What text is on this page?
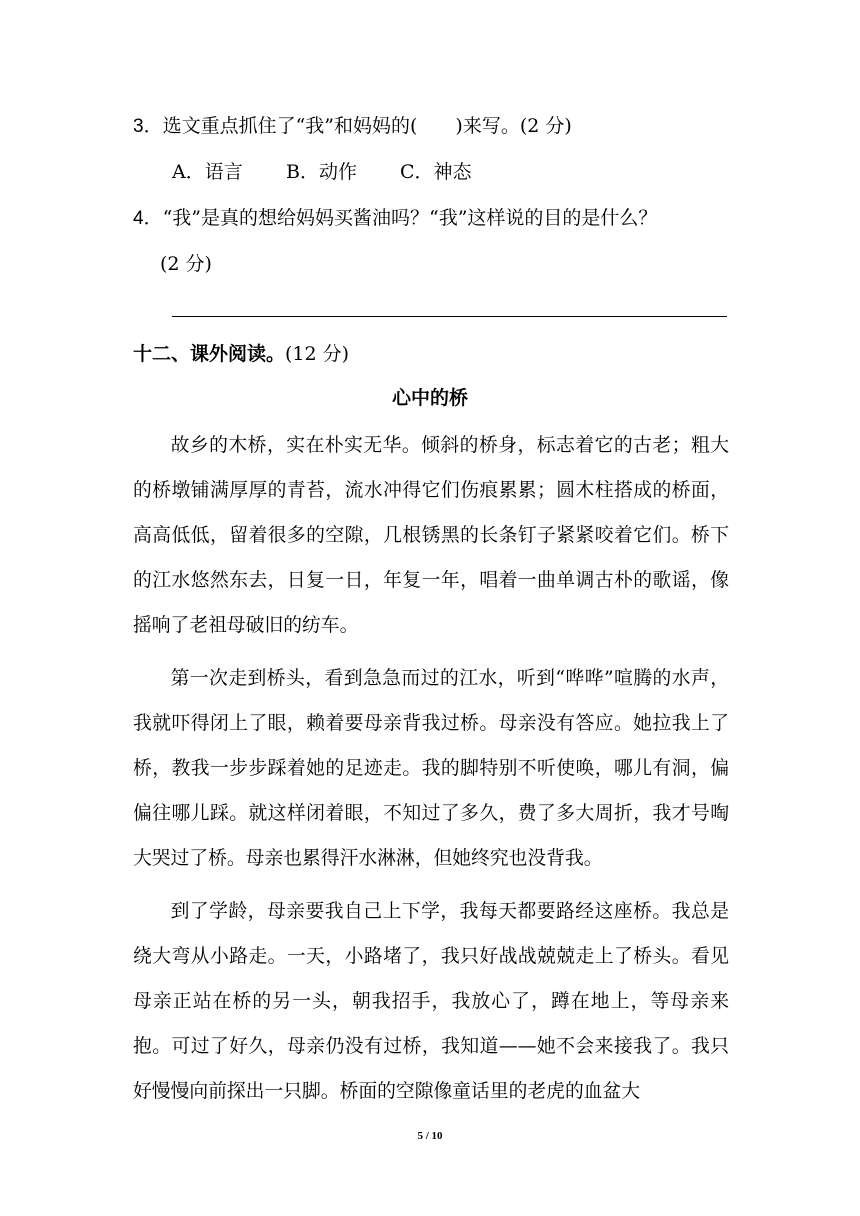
3．选文重点抓住了“我”和妈妈的(　　)来写。(2 分)
A．语言 B．动作 C．神态
4．“我”是真的想给妈妈买酱油吗？“我”这样说的目的是什么？
(2 分)
十二、课外阅读。(12 分)
心中的桥

故乡的木桥，实在朴实无华。倾斜的桥身，标志着它的古老；粗大的桥墩铺满厚厚的青苔，流水冲得它们伤痕累累；圆木柱搭成的桥面，高高低低，留着很多的空隙，几根锈黑的长条钉子紧紧咬着它们。桥下的江水悠然东去，日复一日，年复一年，唱着一曲单调古朴的歌谣，像摇响了老祖母破旧的纺车。

第一次走到桥头，看到急急而过的江水，听到“哗哗”喧腾的水声，我就吓得闭上了眼，赖着要母亲背我过桥。母亲没有答应。她拉我上了桥，教我一步步踩着她的足迹走。我的脚特别不听使唤，哪儿有洞，偏偏往哪儿踩。就这样闭着眼，不知过了多久，费了多大周折，我才号啕大哭过了桥。母亲也累得汗水淋淋，但她终究也没背我。

到了学龄，母亲要我自己上下学，我每天都要路经这座桥。我总是绕大弯从小路走。一天，小路堵了，我只好战战兢兢走上了桥头。看见母亲正站在桥的另一头，朝我招手，我放心了，蹲在地上，等母亲来抱。可过了好久，母亲仍没有过桥，我知道——她不会来接我了。我只好慢慢向前探出一只脚。桥面的空隙像童话里的老虎的血盆大

5 / 10
